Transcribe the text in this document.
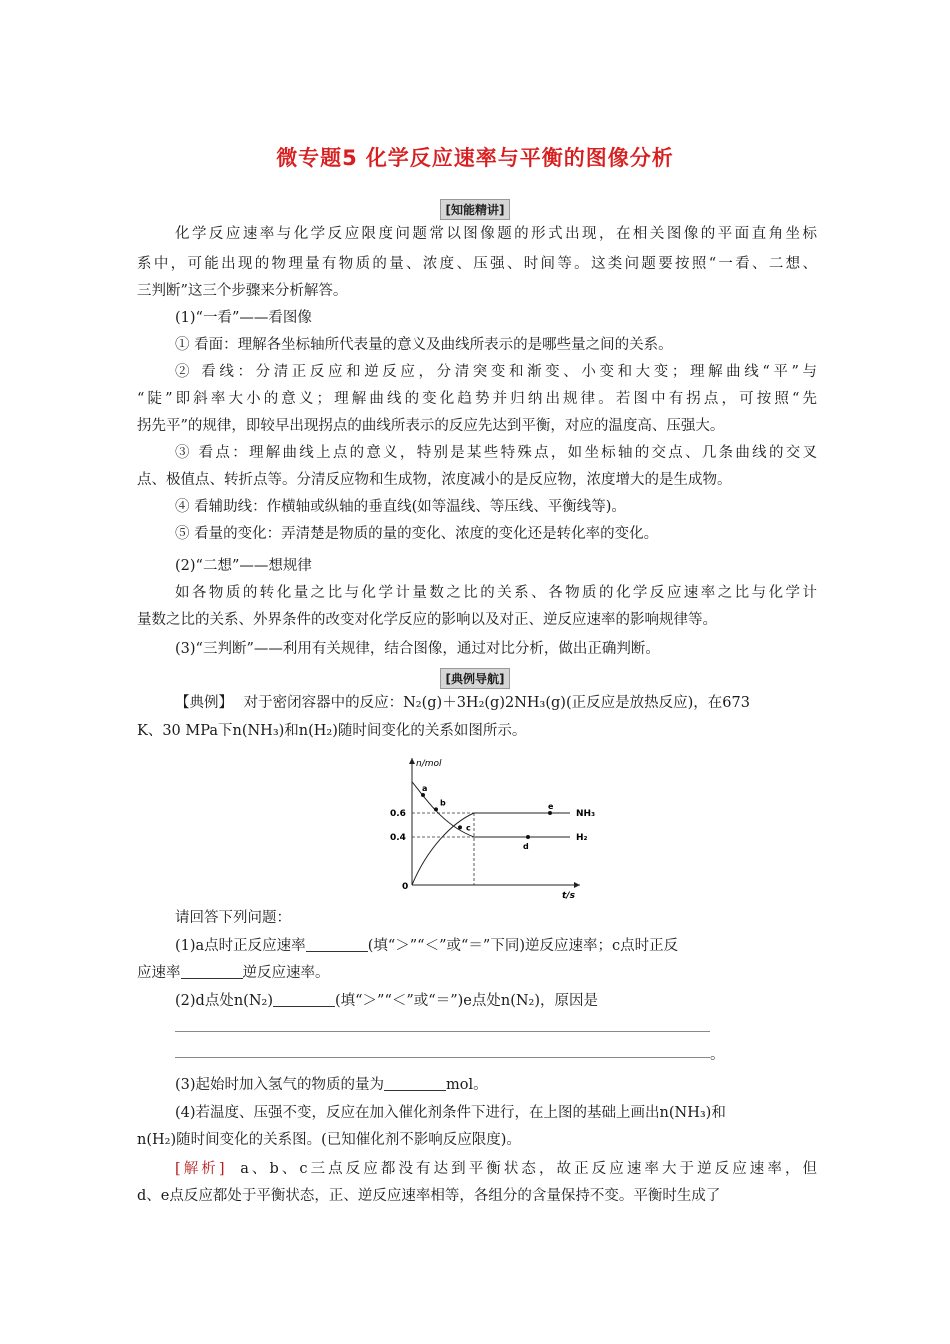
微专题5 化学反应速率与平衡的图像分析
[知能精讲]
化学反应速率与化学反应限度问题常以图像题的形式出现，在相关图像的平面直角坐标
系中，可能出现的物理量有物质的量、浓度、压强、时间等。这类问题要按照“一看、二想、
三判断”这三个步骤来分析解答。
(1)“一看”——看图像
① 看面：理解各坐标轴所代表量的意义及曲线所表示的是哪些量之间的关系。
② 看线：分清正反应和逆反应，分清突变和渐变、小变和大变；理解曲线“平”与
“陡”即斜率大小的意义；理解曲线的变化趋势并归纳出规律。若图中有拐点，可按照“先
拐先平”的规律，即较早出现拐点的曲线所表示的反应先达到平衡，对应的温度高、压强大。
③ 看点：理解曲线上点的意义，特别是某些特殊点，如坐标轴的交点、几条曲线的交叉
点、极值点、转折点等。分清反应物和生成物，浓度减小的是反应物，浓度增大的是生成物。
④ 看辅助线：作横轴或纵轴的垂直线(如等温线、等压线、平衡线等)。
⑤ 看量的变化：弄清楚是物质的量的变化、浓度的变化还是转化率的变化。
(2)“二想”——想规律
如各物质的转化量之比与化学计量数之比的关系、各物质的化学反应速率之比与化学计
量数之比的关系、外界条件的改变对化学反应的影响以及对正、逆反应速率的影响规律等。
(3)“三判断”——利用有关规律，结合图像，通过对比分析，做出正确判断。
[典例导航]
【典例】 对于密闭容器中的反应：N₂(g)＋3H₂(g)2NH₃(g)(正反应是放热反应)，在673
K、30 MPa下n(NH₃)和n(H₂)随时间变化的关系如图所示。
n/mol
t/s
0
0.6
0.4
NH₃
H₂
a
b
c
d
e
请回答下列问题：
(1)a点时正反应速率	(填“＞”“＜”或“＝”下同)逆反应速率；c点时正反
应速率	逆反应速率。
(2)d点处n(N₂)	(填“＞”“＜”或“＝”)e点处n(N₂)，原因是
。
(3)起始时加入氢气的物质的量为	mol。
(4)若温度、压强不变，反应在加入催化剂条件下进行，在上图的基础上画出n(NH₃)和
n(H₂)随时间变化的关系图。(已知催化剂不影响反应限度)。
[解析] a、b、c三点反应都没有达到平衡状态，故正反应速率大于逆反应速率，但
d、e点反应都处于平衡状态，正、逆反应速率相等，各组分的含量保持不变。平衡时生成了
